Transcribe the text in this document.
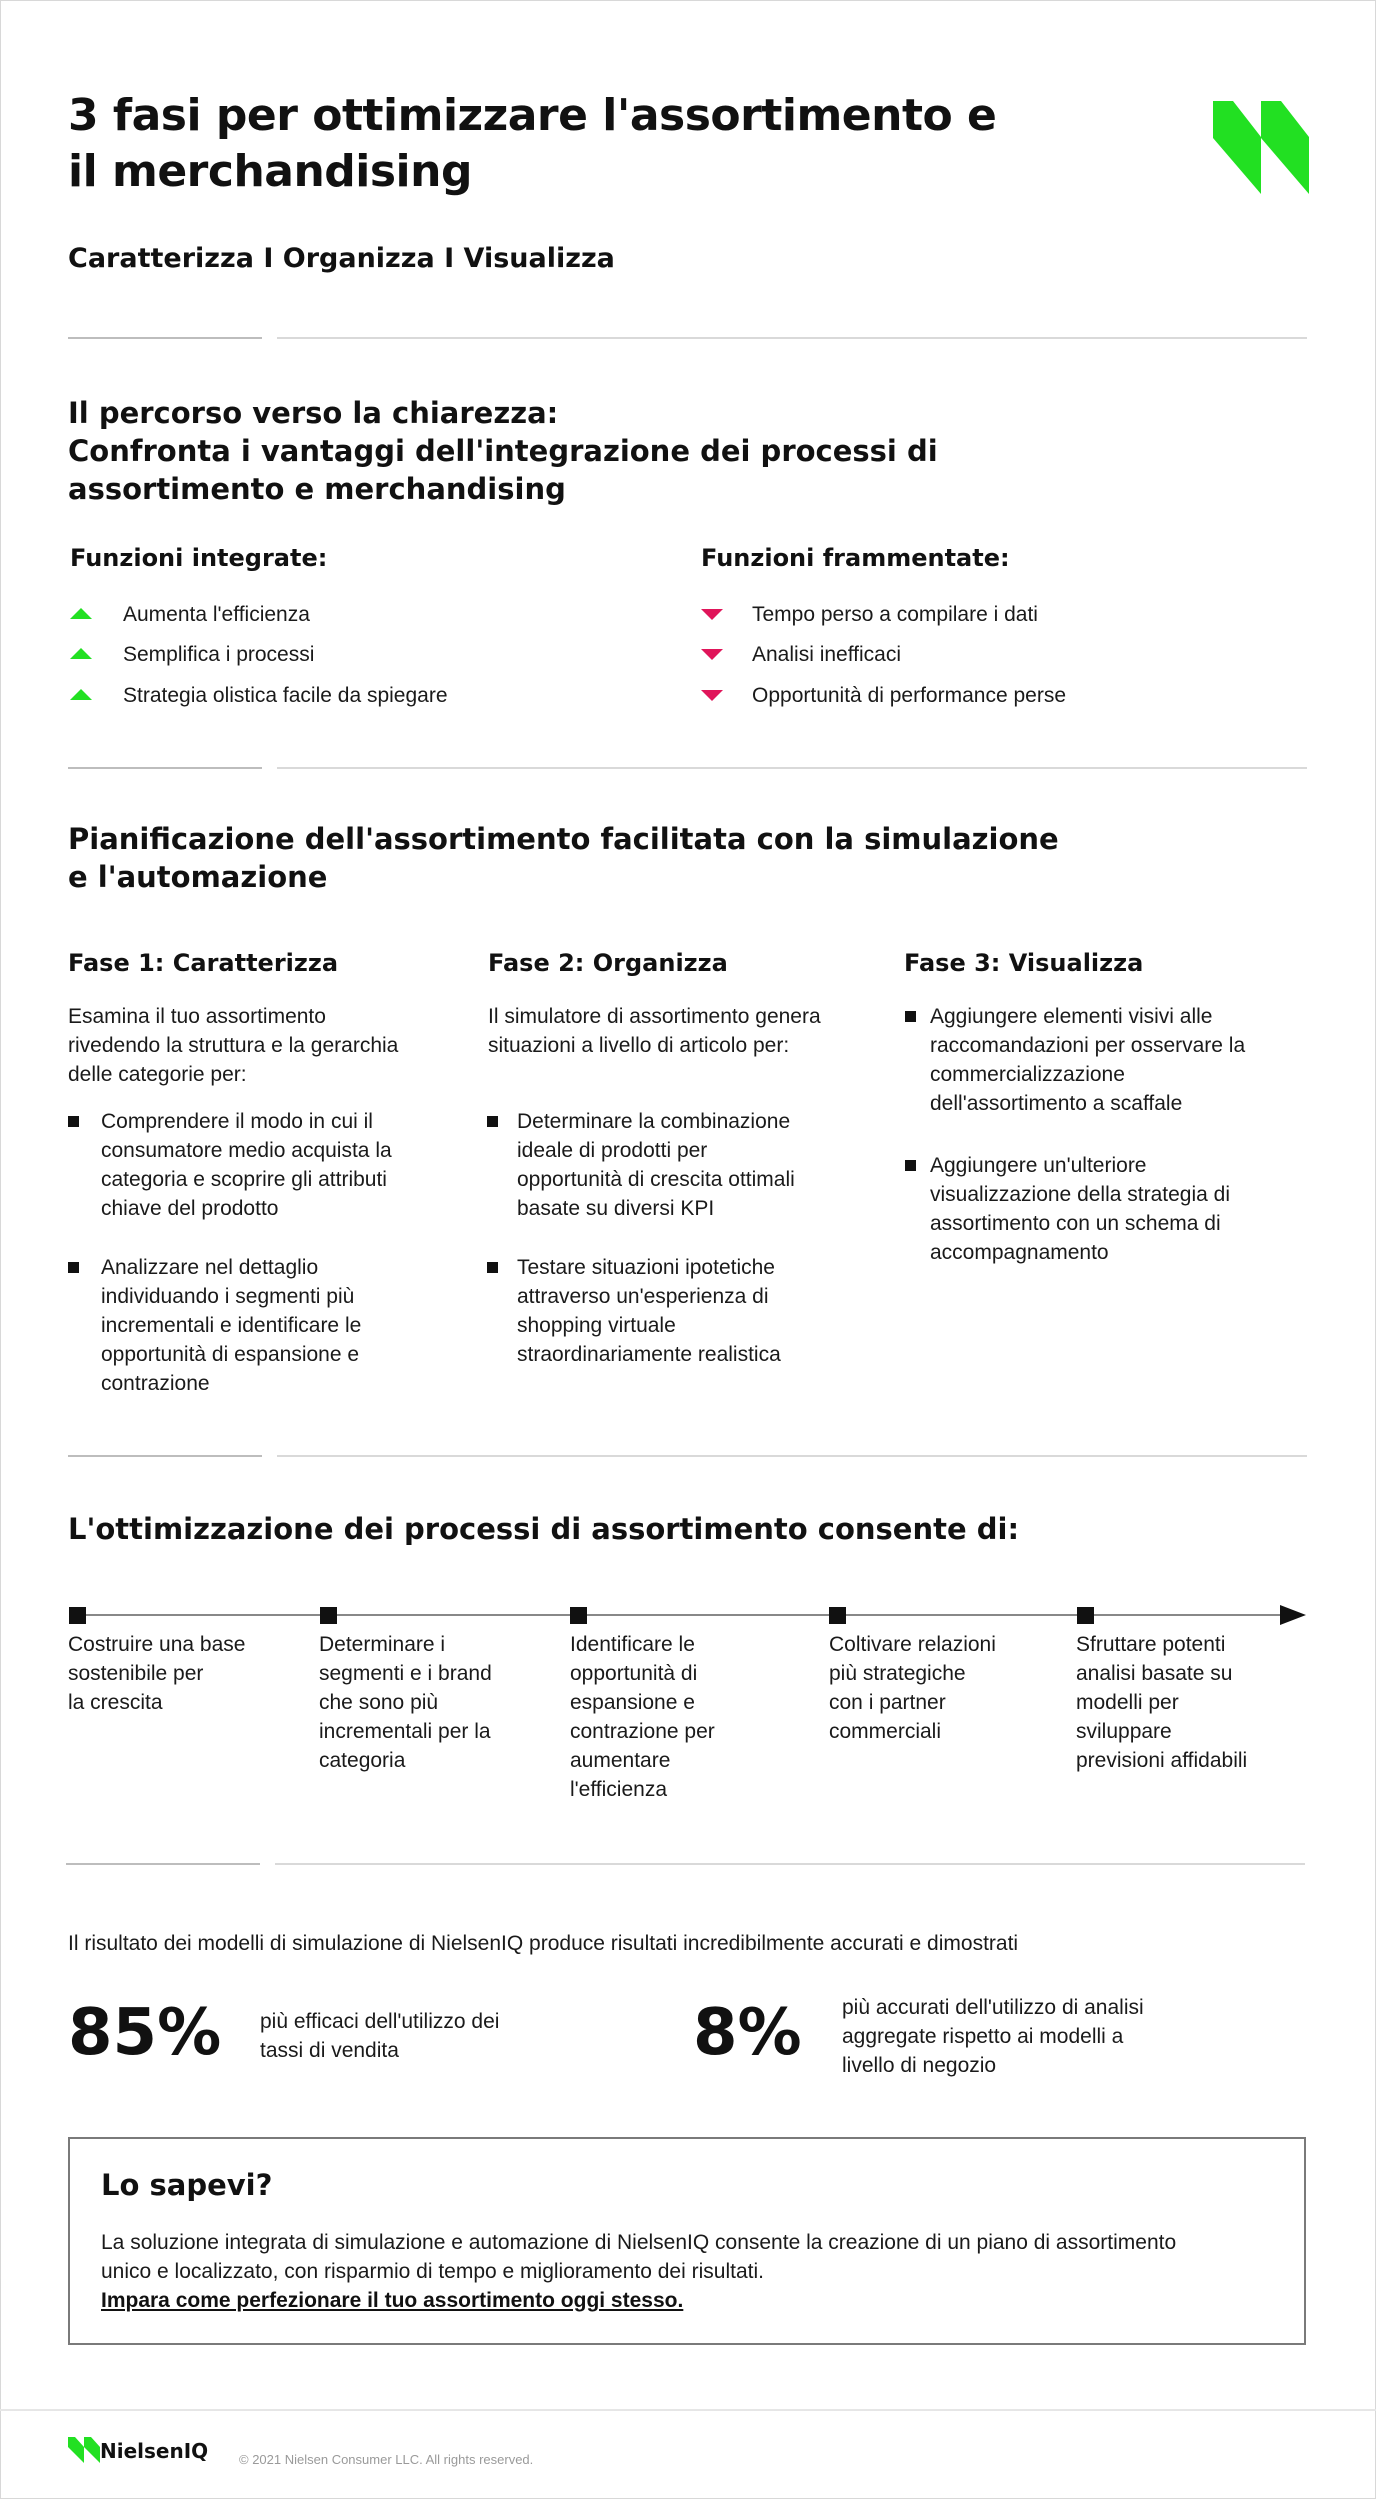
3 fasi per ottimizzare l'assortimento e
il merchandising
Caratterizza I Organizza I Visualizza
Il percorso verso la chiarezza:
Confronta i vantaggi dell'integrazione dei processi di
assortimento e merchandising
Funzioni integrate:
Aumenta l'efficienza
Semplifica i processi
Strategia olistica facile da spiegare
Funzioni frammentate:
Tempo perso a compilare i dati
Analisi inefficaci
Opportunità di performance perse
Pianificazione dell'assortimento facilitata con la simulazione
e l'automazione
Fase 1: Caratterizza
Esamina il tuo assortimento
rivedendo la struttura e la gerarchia
delle categorie per:
Comprendere il modo in cui il
consumatore medio acquista la
categoria e scoprire gli attributi
chiave del prodotto
Analizzare nel dettaglio
individuando i segmenti più
incrementali e identificare le
opportunità di espansione e
contrazione
Fase 2: Organizza
Il simulatore di assortimento genera
situazioni a livello di articolo per:
Determinare la combinazione
ideale di prodotti per
opportunità di crescita ottimali
basate su diversi KPI
Testare situazioni ipotetiche
attraverso un'esperienza di
shopping virtuale
straordinariamente realistica
Fase 3: Visualizza
Aggiungere elementi visivi alle
raccomandazioni per osservare la
commercializzazione
dell'assortimento a scaffale
Aggiungere un'ulteriore
visualizzazione della strategia di
assortimento con un schema di
accompagnamento
L'ottimizzazione dei processi di assortimento consente di:
Costruire una base
sostenibile per
la crescita
Determinare i
segmenti e i brand
che sono più
incrementali per la
categoria
Identificare le
opportunità di
espansione e
contrazione per
aumentare
l'efficienza
Coltivare relazioni
più strategiche
con i partner
commerciali
Sfruttare potenti
analisi basate su
modelli per
sviluppare
previsioni affidabili
Il risultato dei modelli di simulazione di NielsenIQ produce risultati incredibilmente accurati e dimostrati
85% più efficaci dell'utilizzo dei
tassi di vendita	8% più accurati dell'utilizzo di analisi
aggregate rispetto ai modelli a
livello di negozio
Lo sapevi?
La soluzione integrata di simulazione e automazione di NielsenIQ consente la creazione di un piano di assortimento
unico e localizzato, con risparmio di tempo e miglioramento dei risultati.
Impara come perfezionare il tuo assortimento oggi stesso.
NielsenIQ © 2021 Nielsen Consumer LLC. All rights reserved.
